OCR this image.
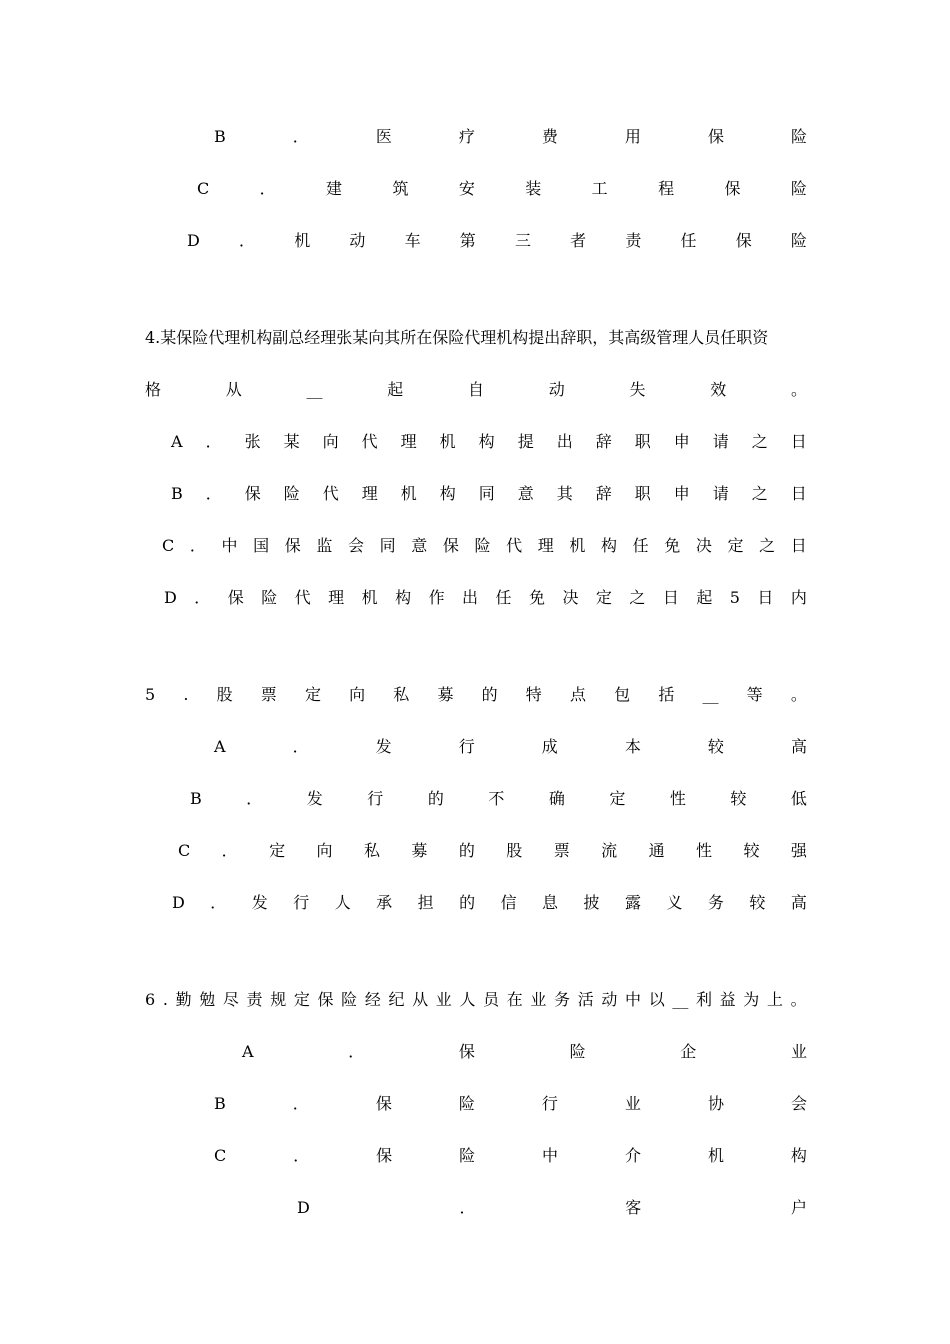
B	．	医	疗	费	用	保	险
C	．	建	筑	安	装	工	程	保	险
D ． 机 动 车 第 三 者 责 任 保 险
4.某保险代理机构副总经理张某向其所在保险代理机构提出辞职，其高级管理人员任职资
格	从	__	起	自	动	失	效	。
A ． 张 某 向 代 理 机 构 提 出 辞 职 申 请 之 日
B ． 保 险 代 理 机 构 同 意 其 辞 职 申 请 之 日
C ． 中 国 保 监 会 同 意 保 险 代 理 机 构 任 免 决 定 之 日
D ． 保 险 代 理 机 构 作 出 任 免 决 定 之 日 起 5 日 内
5 . 股 票 定 向 私 募 的 特 点 包 括 __ 等 。
A	．	发	行	成	本	较	高
B	．	发	行	的	不	确	定	性	较	低
C ． 定 向 私 募 的 股 票 流 通 性 较 强
D ． 发 行 人 承 担 的 信 息 披 露 义 务 较 高
6 . 勤 勉 尽 责 规 定 保 险 经 纪 从 业 人 员 在 业 务 活 动 中 以 __ 利 益 为 上 。
A	．	保	险	企	业
B	．	保	险	行	业	协	会
C	．	保	险	中	介	机	构
D	．	客	户
